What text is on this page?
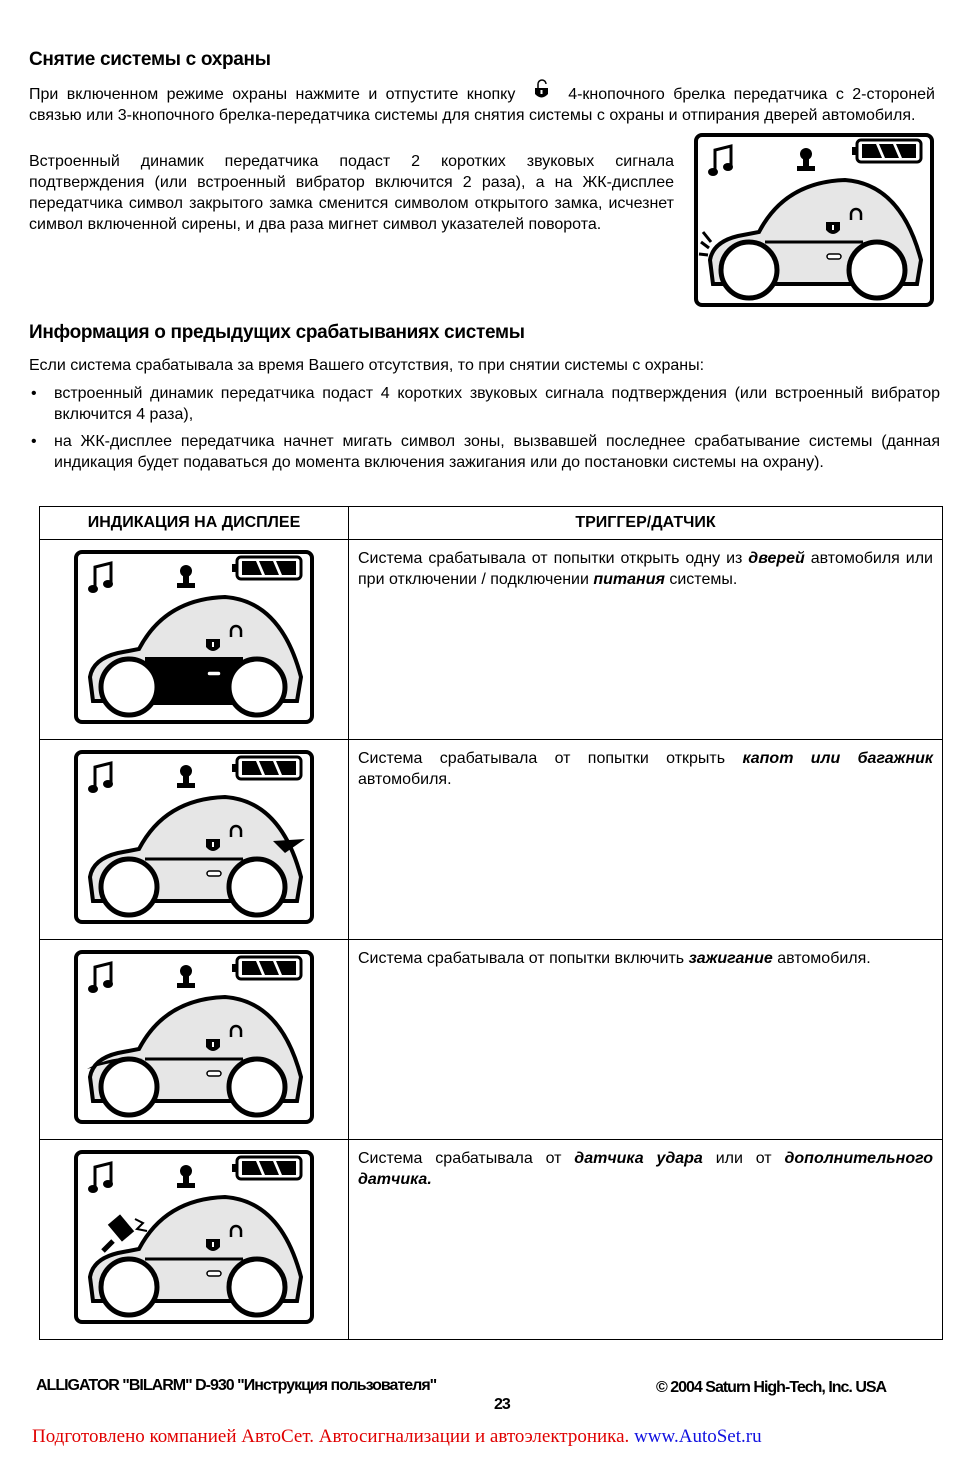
Снятие системы с охраны

При включенном режиме охраны нажмите и отпустите кнопку	4-кнопочного брелка передатчика с 2-стороней связью или 3-кнопочного брелка-передатчика системы для снятия системы с охраны и отпирания дверей автомобиля.

Встроенный динамик передатчика подаст 2 коротких звуковых сигнала подтверждения (или встроенный вибратор включится 2 раза), а на ЖК-дисплее передатчика символ закрытого замка сменится символом открытого замка, исчезнет символ включенной сирены, и два раза мигнет символ указателей поворота.

Информация о предыдущих срабатываниях системы

Если система срабатывала за время Вашего отсутствия, то при снятии системы с охраны:

• встроенный динамик передатчика подаст 4 коротких звуковых сигнала подтверждения (или встроенный вибратор включится 4 раза),
• на ЖК-дисплее передатчика начнет мигать символ зоны, вызвавшей последнее срабатывание системы (данная индикация будет подаваться до момента включения зажигания или до постановки системы на охрану).
ИНДИКАЦИЯ НА ДИСПЛЕЕ	ТРИГГЕР/ДАТЧИК
	Система срабатывала от попытки открыть одну из дверей автомобиля или при отключении / подключении питания системы.
	Система срабатывала от попытки открыть капот или багажник автомобиля.
	Система срабатывала от попытки включить зажигание автомобиля.
	Система срабатывала от датчика удара или от дополнительного датчика.
ALLIGATOR "BILARM" D-930 "Инструкция пользователя"	© 2004 Saturn High-Tech, Inc. USA
23
Подготовлено компанией АвтоСет. Автосигнализации и автоэлектроника. www.AutoSet.ru
